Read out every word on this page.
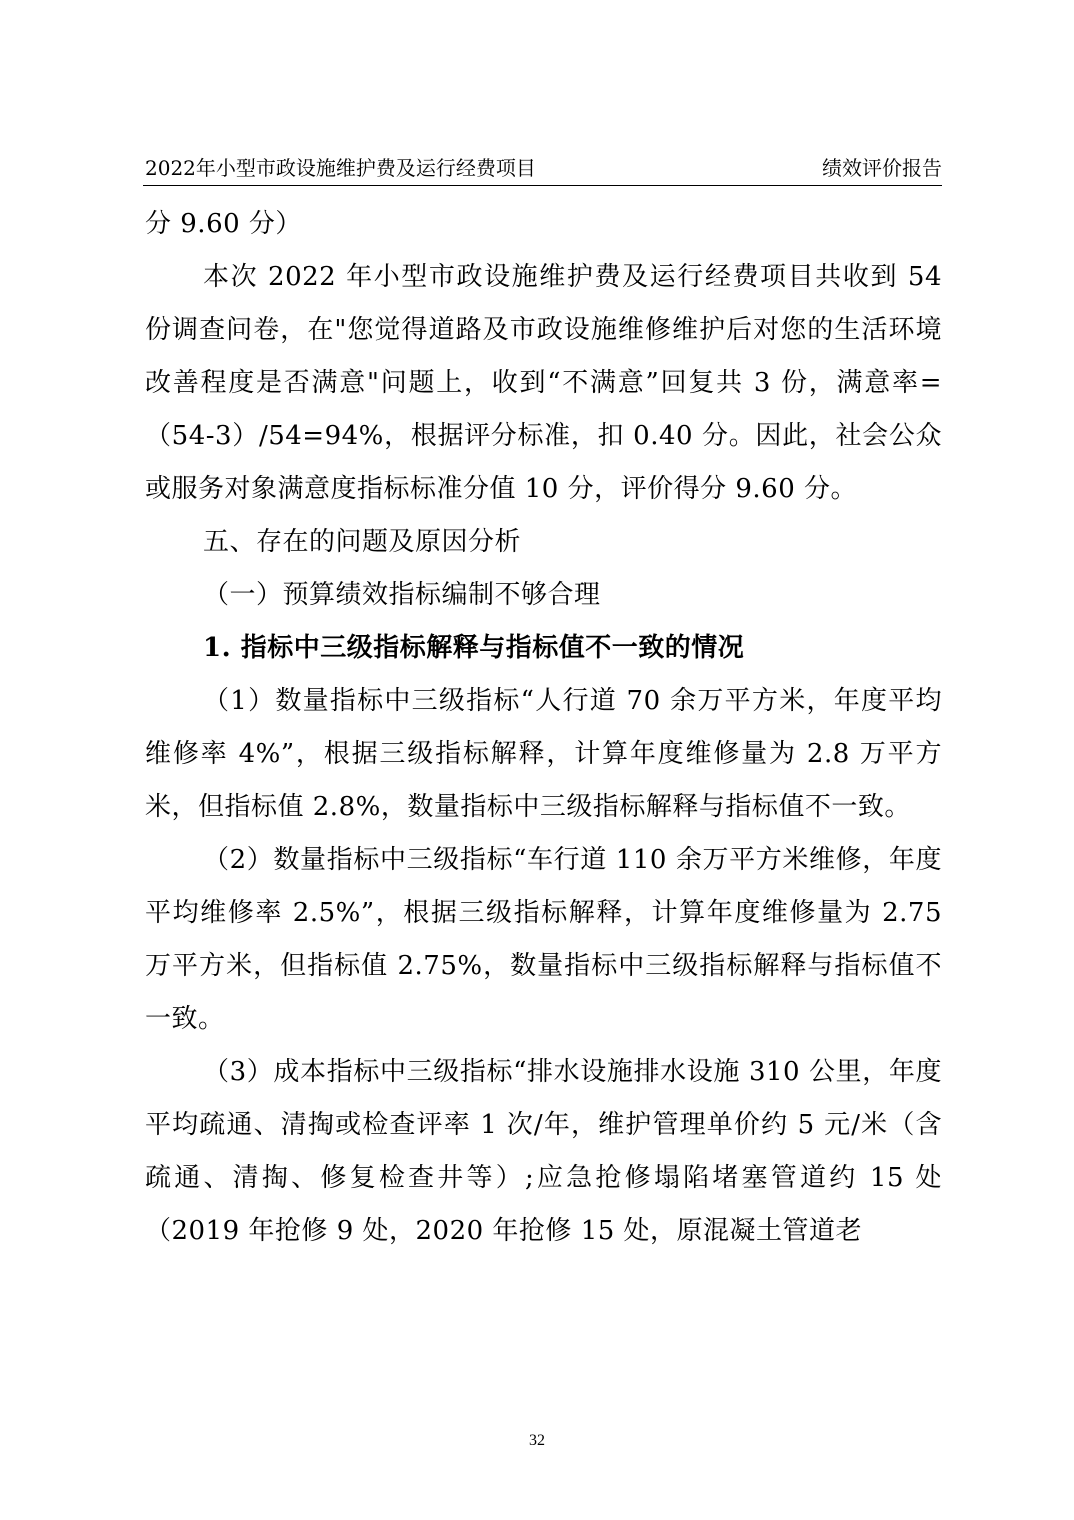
2022年小型市政设施维护费及运行经费项目	绩效评价报告

分 9.60 分）

本次 2022 年小型市政设施维护费及运行经费项目共收到 54 份调查问卷，在"您觉得道路及市政设施维修维护后对您的生活环境改善程度是否满意"问题上，收到“不满意”回复共 3 份，满意率=（54-3）/54=94%，根据评分标准，扣 0.40 分。因此，社会公众或服务对象满意度指标标准分值 10 分，评价得分 9.60 分。

五、存在的问题及原因分析

（一）预算绩效指标编制不够合理

1. 指标中三级指标解释与指标值不一致的情况

（1）数量指标中三级指标“人行道 70 余万平方米，年度平均维修率 4%”，根据三级指标解释，计算年度维修量为 2.8 万平方米，但指标值 2.8%，数量指标中三级指标解释与指标值不一致。

（2）数量指标中三级指标“车行道 110 余万平方米维修，年度平均维修率 2.5%”，根据三级指标解释，计算年度维修量为 2.75 万平方米，但指标值 2.75%，数量指标中三级指标解释与指标值不一致。

（3）成本指标中三级指标“排水设施排水设施 310 公里，年度平均疏通、清掏或检查评率 1 次/年，维护管理单价约 5 元/米（含疏通、清掏、修复检查井等）;应急抢修塌陷堵塞管道约 15 处（2019 年抢修 9 处，2020 年抢修 15 处，原混凝土管道老

32
